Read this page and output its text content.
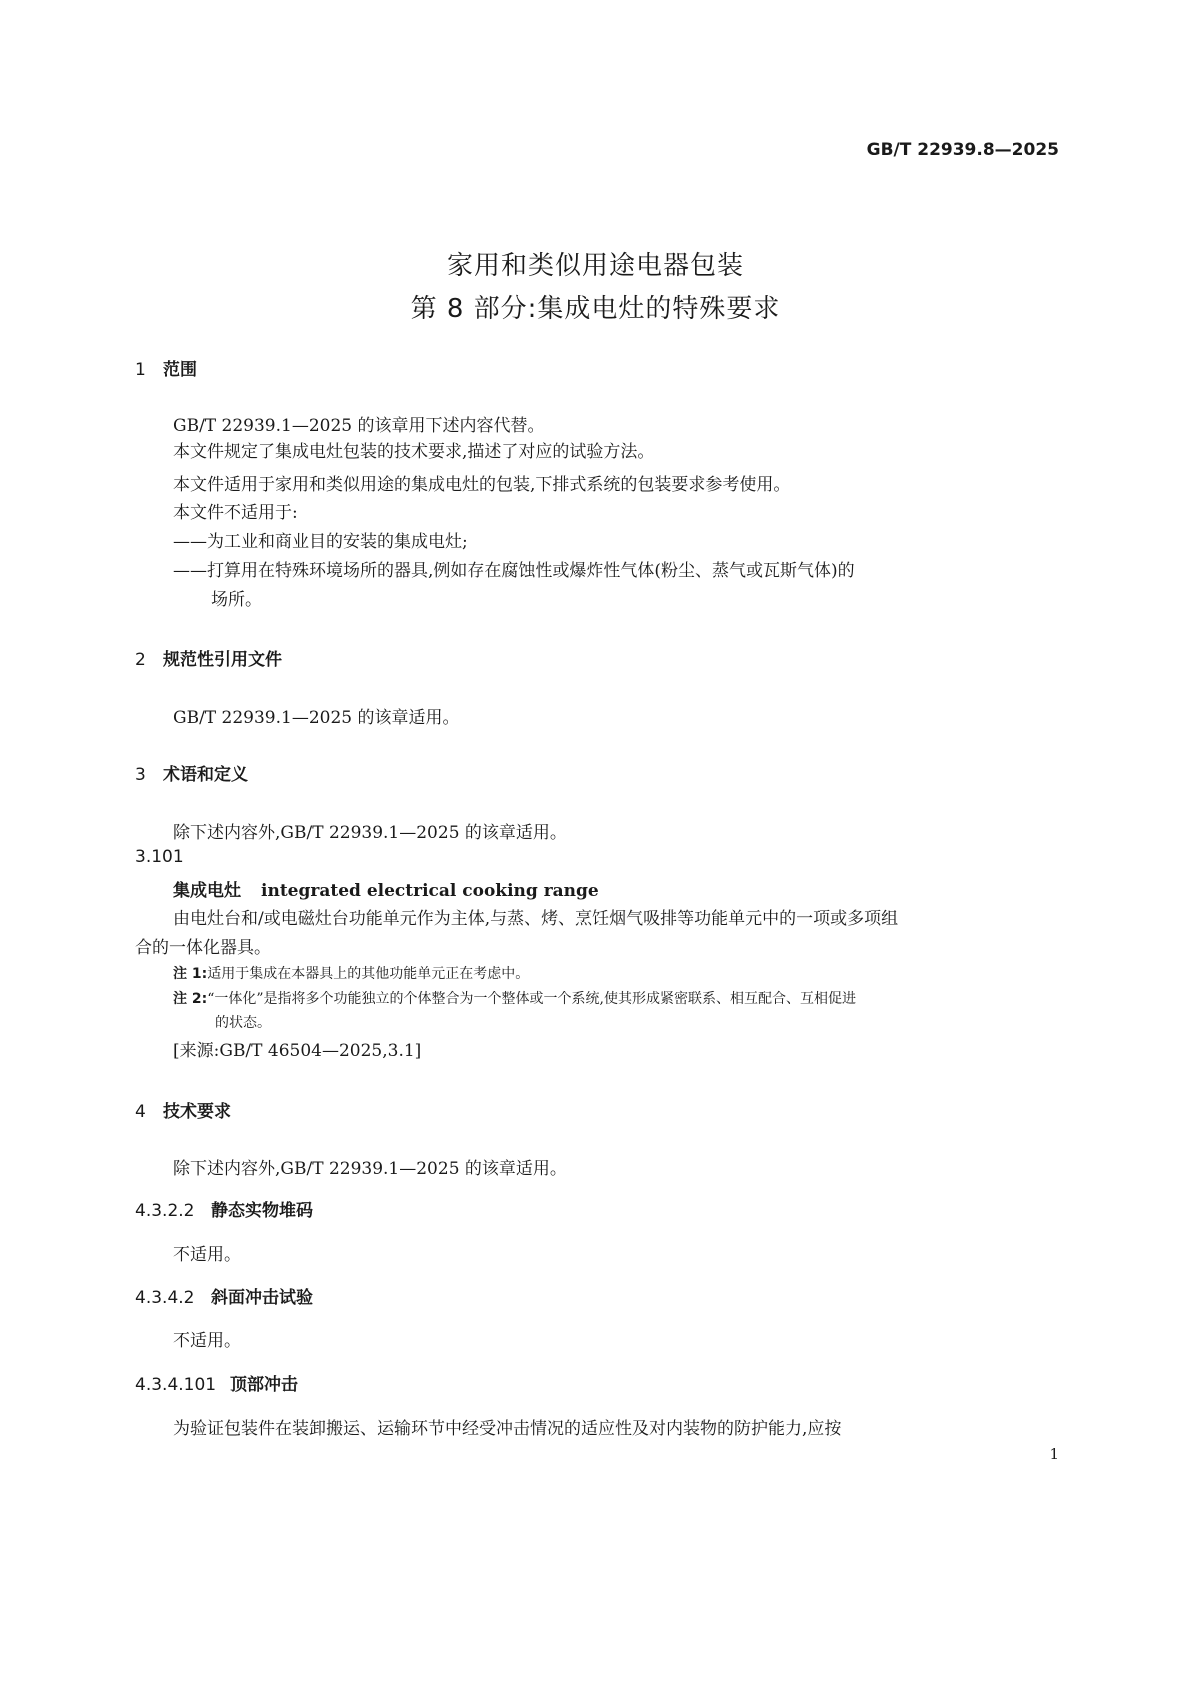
GB/T 22939.8—2025
家用和类似用途电器包装
第 8 部分:集成电灶的特殊要求
1 范围
GB/T 22939.1—2025 的该章用下述内容代替。
本文件规定了集成电灶包装的技术要求,描述了对应的试验方法。
本文件适用于家用和类似用途的集成电灶的包装,下排式系统的包装要求参考使用。
本文件不适用于:
——为工业和商业目的安装的集成电灶;
——打算用在特殊环境场所的器具,例如存在腐蚀性或爆炸性气体(粉尘、蒸气或瓦斯气体)的
场所。
2 规范性引用文件
GB/T 22939.1—2025 的该章适用。
3 术语和定义
除下述内容外,GB/T 22939.1—2025 的该章适用。
3.101
集成电灶 integrated electrical cooking range
由电灶台和/或电磁灶台功能单元作为主体,与蒸、烤、烹饪烟气吸排等功能单元中的一项或多项组
合的一体化器具。
注 1:适用于集成在本器具上的其他功能单元正在考虑中。
注 2:“一体化”是指将多个功能独立的个体整合为一个整体或一个系统,使其形成紧密联系、相互配合、互相促进
的状态。
[来源:GB/T 46504—2025,3.1]
4 技术要求
除下述内容外,GB/T 22939.1—2025 的该章适用。
4.3.2.2 静态实物堆码
不适用。
4.3.4.2 斜面冲击试验
不适用。
4.3.4.101 顶部冲击
为验证包装件在装卸搬运、运输环节中经受冲击情况的适应性及对内装物的防护能力,应按
1
